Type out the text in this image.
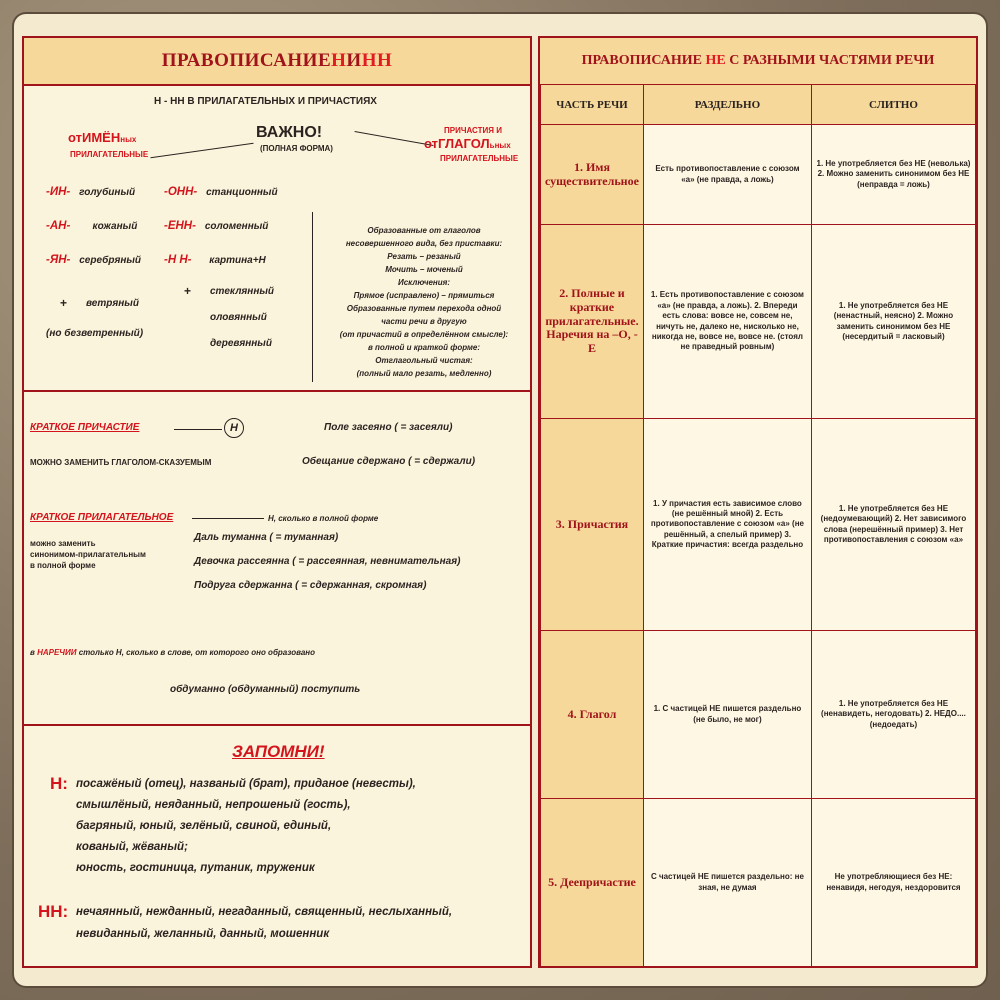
ПРАВОПИСАНИЕ Н И НН
Н - НН В ПРИЛАГАТЕЛЬНЫХ И ПРИЧАСТИЯХ
ВАЖНО!
(ПОЛНАЯ ФОРМА)
отИМЁНных
ПРИЛАГАТЕЛЬНЫЕ
ПРИЧАСТИЯ И
отГЛАГОЛьных
ПРИЛАГАТЕЛЬНЫЕ
-ИН- голубиный
-АН- кожаный
-ЯН- серебряный
-ОНН- станционный
-ЕНН- соломенный
-Н Н- картина+Н
+ ветряный
(но безветренный)
+ стеклянный
оловянный
деревянный
Образованные от глаголов
несовершенного вида, без приставки:
Резать – резаный
Мочить – моченый
Исключения:
Прямое (исправлено) – прямиться
Образованные путем перехода одной
части речи в другую
(от причастий в определённом смысле):
в полной и краткой форме:
Отглагольный чистая:
(полный мало резать, медленно)
КРАТКОЕ ПРИЧАСТИЕ	Н	Поле засеяно ( = засеяли)
МОЖНО ЗАМЕНИТЬ ГЛАГОЛОМ-СКАЗУЕМЫМ	Обещание сдержано ( = сдержали)
КРАТКОЕ ПРИЛАГАТЕЛЬНОЕ	Н, сколько в полной форме
можно заменить
синонимом-прилагательным
в полной форме
Даль туманна ( = туманная)
Девочка рассеянна ( = рассеянная, невнимательная)
Подруга сдержанна ( = сдержанная, скромная)
в НАРЕЧИИ столько Н, сколько в слове, от которого оно образовано
обдуманно (обдуманный) поступить
ЗАПОМНИ!
Н: посажёный (отец), названый (брат), приданое (невесты),
смышлёный, неяданный, непрошеный (гость),
багряный, юный, зелёный, свиной, единый,
кованый, жёваный;
юность, гостиница, путаник, труженик
НН: нечаянный, нежданный, негаданный, священный, неслыханный,
невиданный, желанный, данный, мошенник
ПРАВОПИСАНИЕ
НЕ
С РАЗНЫМИ ЧАСТЯМИ РЕЧИ
ЧАСТЬ РЕЧИ	РАЗДЕЛЬНО	СЛИТНО
1. Имя существительное	Есть противопоставление с союзом «а» (не правда, а ложь)	1. Не употребляется без НЕ (неволька) 2. Можно заменить синонимом без НЕ (неправда = ложь)
2. Полные и краткие прилагательные. Наречия на –О, - Е	1. Есть противопоставление с союзом «а» (не правда, а ложь). 2. Впереди есть слова: вовсе не, совсем не, ничуть не, далеко не, нисколько не, никогда не, вовсе не, вовсе не. (стоял не праведный ровным)	1. Не употребляется без НЕ (ненастный, неясно) 2. Можно заменить синонимом без НЕ (несердитый = ласковый)
3. Причастия	1. У причастия есть зависимое слово (не решённый мной) 2. Есть противопоставление с союзом «а» (не решённый, а спелый пример) 3. Краткие причастия: всегда раздельно	1. Не употребляется без НЕ (недоумевающий) 2. Нет зависимого слова (нерешённый пример) 3. Нет противопоставления с союзом «а»
4. Глагол	1. С частицей НЕ пишется раздельно (не было, не мог)	1. Не употребляется без НЕ (ненавидеть, негодовать) 2. НЕДО.... (недоедать)
5. Деепричастие	С частицей НЕ пишется раздельно: не зная, не думая	Не употребляющиеся без НЕ: ненавидя, негодуя, нездоровится
